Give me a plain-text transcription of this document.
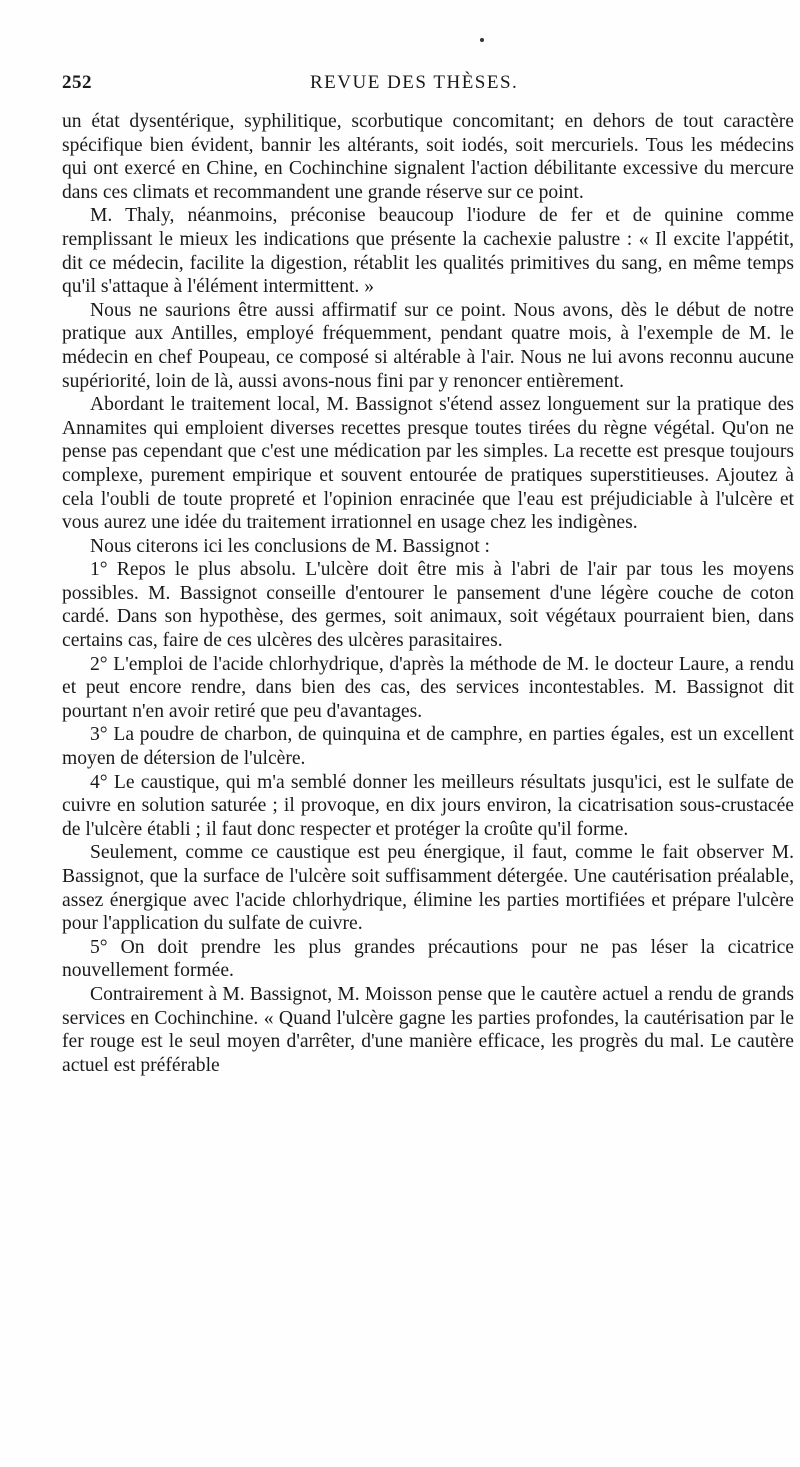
252	REVUE DES THÈSES.

un état dysentérique, syphilitique, scorbutique concomitant; en dehors de tout caractère spécifique bien évident, bannir les altérants, soit iodés, soit mercuriels. Tous les médecins qui ont exercé en Chine, en Cochinchine signalent l'action débilitante excessive du mercure dans ces climats et recommandent une grande réserve sur ce point.

M. Thaly, néanmoins, préconise beaucoup l'iodure de fer et de quinine comme remplissant le mieux les indications que présente la cachexie palustre : « Il excite l'appétit, dit ce médecin, facilite la digestion, rétablit les qualités primitives du sang, en même temps qu'il s'attaque à l'élément intermittent. »

Nous ne saurions être aussi affirmatif sur ce point. Nous avons, dès le début de notre pratique aux Antilles, employé fréquemment, pendant quatre mois, à l'exemple de M. le médecin en chef Poupeau, ce composé si altérable à l'air. Nous ne lui avons reconnu aucune supériorité, loin de là, aussi avons-nous fini par y renoncer entièrement.

Abordant le traitement local, M. Bassignot s'étend assez longuement sur la pratique des Annamites qui emploient diverses recettes presque toutes tirées du règne végétal. Qu'on ne pense pas cependant que c'est une médication par les simples. La recette est presque toujours complexe, purement empirique et souvent entourée de pratiques superstitieuses. Ajoutez à cela l'oubli de toute propreté et l'opinion enracinée que l'eau est préjudiciable à l'ulcère et vous aurez une idée du traitement irrationnel en usage chez les indigènes.

Nous citerons ici les conclusions de M. Bassignot :

1° Repos le plus absolu. L'ulcère doit être mis à l'abri de l'air par tous les moyens possibles. M. Bassignot conseille d'entourer le pansement d'une légère couche de coton cardé. Dans son hypothèse, des germes, soit animaux, soit végétaux pourraient bien, dans certains cas, faire de ces ulcères des ulcères parasitaires.

2° L'emploi de l'acide chlorhydrique, d'après la méthode de M. le docteur Laure, a rendu et peut encore rendre, dans bien des cas, des services incontestables. M. Bassignot dit pourtant n'en avoir retiré que peu d'avantages.

3° La poudre de charbon, de quinquina et de camphre, en parties égales, est un excellent moyen de détersion de l'ulcère.

4° Le caustique, qui m'a semblé donner les meilleurs résultats jusqu'ici, est le sulfate de cuivre en solution saturée ; il provoque, en dix jours environ, la cicatrisation sous-crustacée de l'ulcère établi ; il faut donc respecter et protéger la croûte qu'il forme.

Seulement, comme ce caustique est peu énergique, il faut, comme le fait observer M. Bassignot, que la surface de l'ulcère soit suffisamment détergée. Une cautérisation préalable, assez énergique avec l'acide chlorhydrique, élimine les parties mortifiées et prépare l'ulcère pour l'application du sulfate de cuivre.

5° On doit prendre les plus grandes précautions pour ne pas léser la cicatrice nouvellement formée.

Contrairement à M. Bassignot, M. Moisson pense que le cautère actuel a rendu de grands services en Cochinchine. « Quand l'ulcère gagne les parties profondes, la cautérisation par le fer rouge est le seul moyen d'arrêter, d'une manière efficace, les progrès du mal. Le cautère actuel est préférable
